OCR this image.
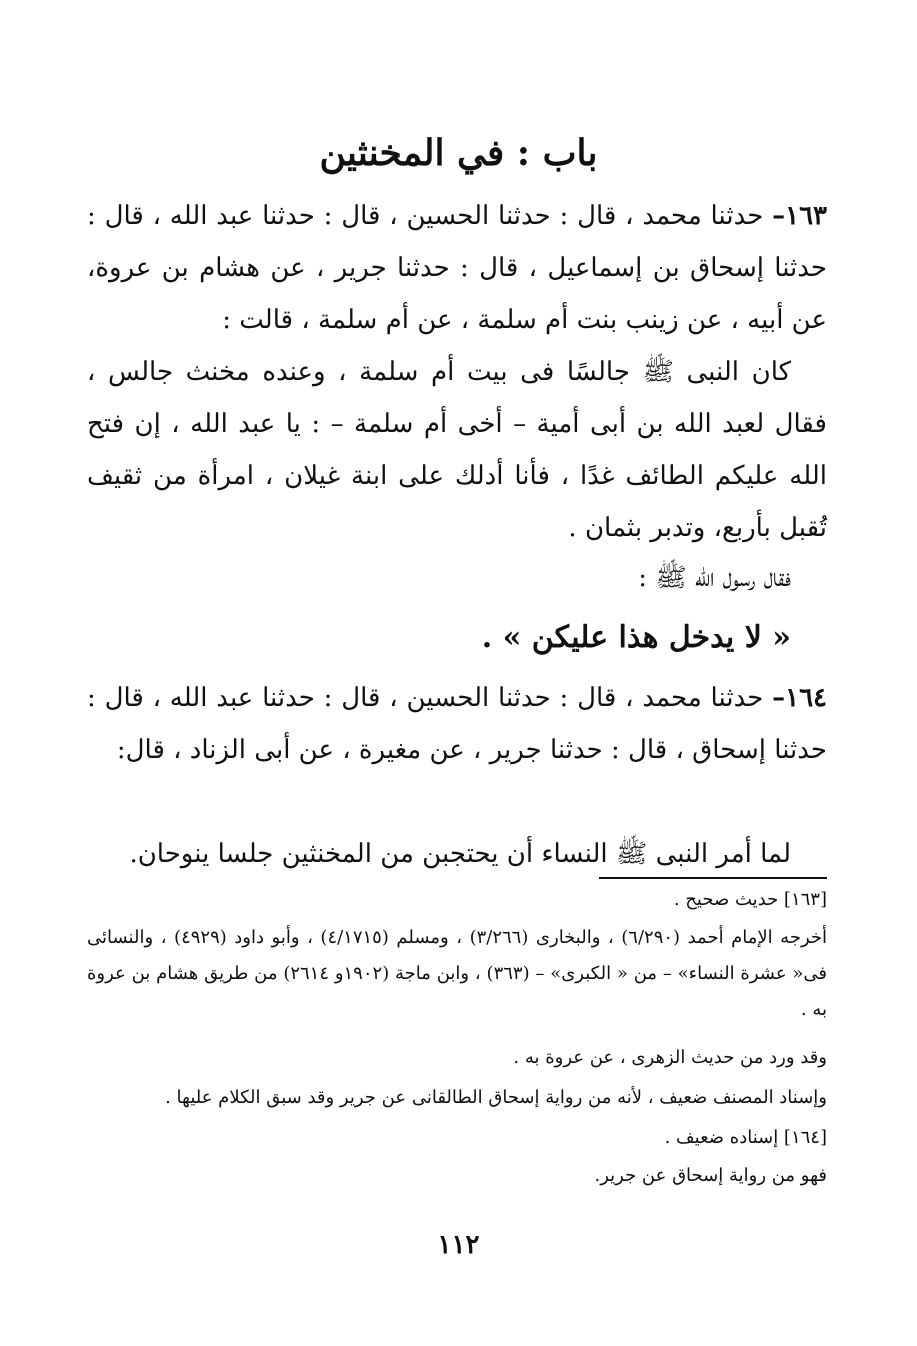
باب : في المخنثين
١٦٣– حدثنا محمد ، قال : حدثنا الحسين ، قال : حدثنا عبد الله ، قال : حدثنا إسحاق بن إسماعيل ، قال : حدثنا جرير ، عن هشام بن عروة، عن أبيه ، عن زينب بنت أم سلمة ، عن أم سلمة ، قالت :
كان النبى ﷺ جالسًا فى بيت أم سلمة ، وعنده مخنث جالس ، فقال لعبد الله بن أبى أمية – أخى أم سلمة – : يا عبد الله ، إن فتح الله عليكم الطائف غدًا ، فأنا أدلك على ابنة غيلان ، امرأة من ثقيف تُقبل بأربع، وتدبر بثمان .
فقال رسول الله ﷺ :
« لا يدخل هذا عليكن » .
١٦٤– حدثنا محمد ، قال : حدثنا الحسين ، قال : حدثنا عبد الله ، قال : حدثنا إسحاق ، قال : حدثنا جرير ، عن مغيرة ، عن أبى الزناد ، قال:
لما أمر النبى ﷺ النساء أن يحتجبن من المخنثين جلسا ينوحان.
[١٦٣] حديث صحيح .
أخرجه الإمام أحمد (٦/٢٩٠) ، والبخارى (٣/٢٦٦) ، ومسلم (٤/١٧١٥) ، وأبو داود (٤٩٢٩) ، والنسائى فى« عشرة النساء» – من « الكبرى» – (٣٦٣) ، وابن ماجة (١٩٠٢و ٢٦١٤) من طريق هشام بن عروة به .
وقد ورد من حديث الزهرى ، عن عروة به .
وإسناد المصنف ضعيف ، لأنه من رواية إسحاق الطالقانى عن جرير وقد سبق الكلام عليها .
[١٦٤] إسناده ضعيف .
فهو من رواية إسحاق عن جرير.
١١٢
